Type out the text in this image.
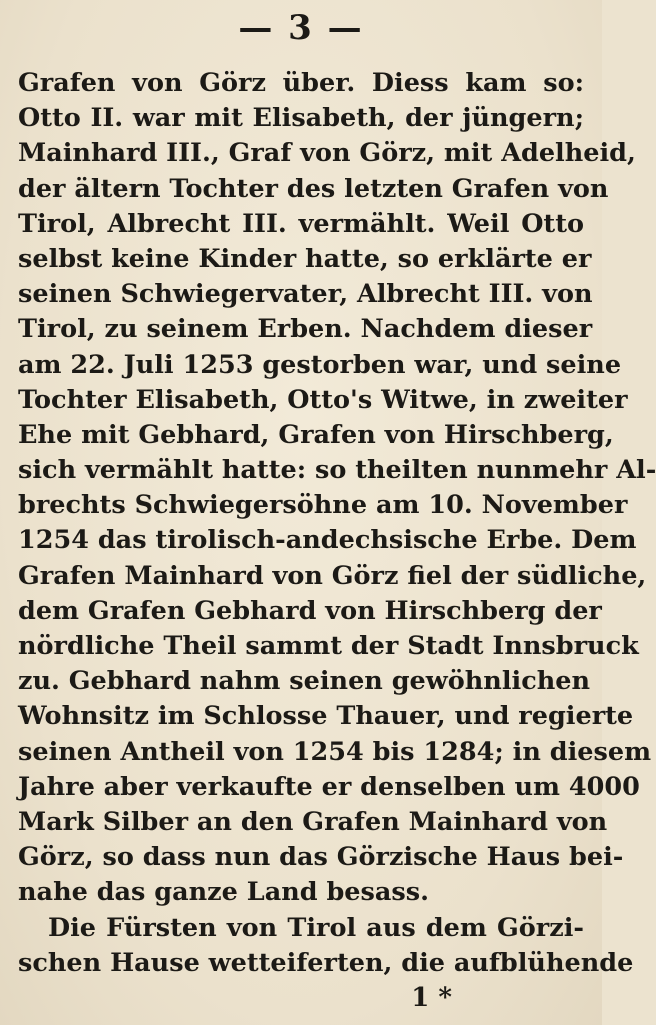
— 3 —
Grafen von Görz über. Diess kam so:
Otto II. war mit Elisabeth, der jüngern;
Mainhard III., Graf von Görz, mit Adelheid,
der ältern Tochter des letzten Grafen von
Tirol, Albrecht III. vermählt. Weil Otto
selbst keine Kinder hatte, so erklärte er
seinen Schwiegervater, Albrecht III. von
Tirol, zu seinem Erben. Nachdem dieser
am 22. Juli 1253 gestorben war, und seine
Tochter Elisabeth, Otto's Witwe, in zweiter
Ehe mit Gebhard, Grafen von Hirschberg,
sich vermählt hatte: so theilten nunmehr Al-
brechts Schwiegersöhne am 10. November
1254 das tirolisch-andechsische Erbe. Dem
Grafen Mainhard von Görz fiel der südliche,
dem Grafen Gebhard von Hirschberg der
nördliche Theil sammt der Stadt Innsbruck
zu. Gebhard nahm seinen gewöhnlichen
Wohnsitz im Schlosse Thauer, und regierte
seinen Antheil von 1254 bis 1284; in diesem
Jahre aber verkaufte er denselben um 4000
Mark Silber an den Grafen Mainhard von
Görz, so dass nun das Görzische Haus bei-
nahe das ganze Land besass.
Die Fürsten von Tirol aus dem Görzi-
schen Hause wetteiferten, die aufblühende
1 *
